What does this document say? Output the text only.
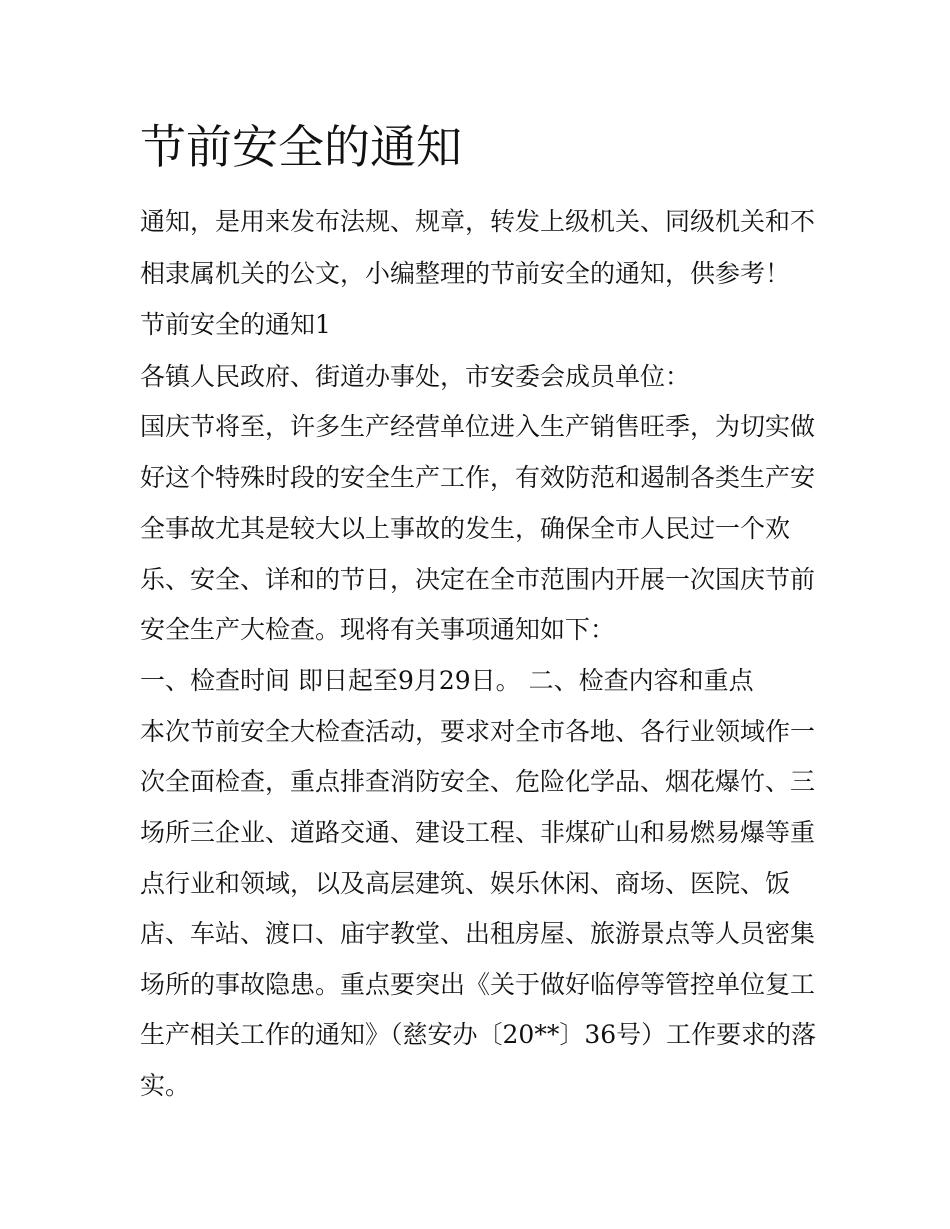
节前安全的通知

通知，是用来发布法规、规章，转发上级机关、同级机关和不

相隶属机关的公文，小编整理的节前安全的通知，供参考！

节前安全的通知1

各镇人民政府、街道办事处，市安委会成员单位：

国庆节将至，许多生产经营单位进入生产销售旺季，为切实做

好这个特殊时段的安全生产工作，有效防范和遏制各类生产安

全事故尤其是较大以上事故的发生，确保全市人民过一个欢

乐、安全、详和的节日，决定在全市范围内开展一次国庆节前

安全生产大检查。现将有关事项通知如下：

一、检查时间 即日起至9月29日。 二、检查内容和重点

本次节前安全大检查活动，要求对全市各地、各行业领域作一

次全面检查，重点排查消防安全、危险化学品、烟花爆竹、三

场所三企业、道路交通、建设工程、非煤矿山和易燃易爆等重

点行业和领域，以及高层建筑、娱乐休闲、商场、医院、饭

店、车站、渡口、庙宇教堂、出租房屋、旅游景点等人员密集

场所的事故隐患。重点要突出《关于做好临停等管控单位复工

生产相关工作的通知》（慈安办〔20**〕36号）工作要求的落

实。
